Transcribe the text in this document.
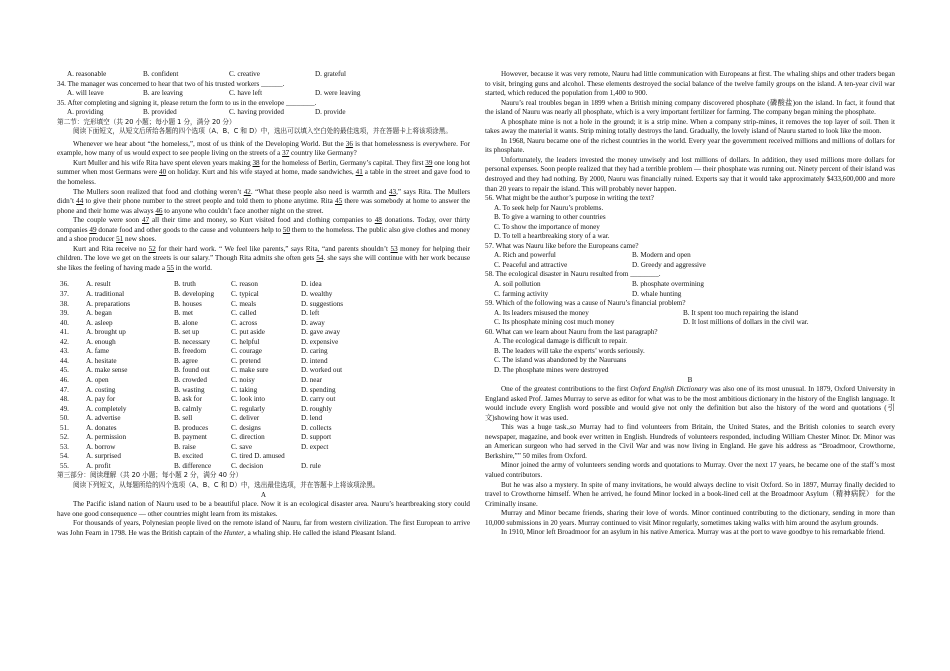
A. reasonable	B. confident	C. creative	D. grateful

34. The manager was concerned to hear that two of his trusted workers ______.

A. will leave	B. are leaving	C. have left	D. were leaving

35. After completing and signing it, please return the form to us in the envelope ________.

A. providing	B. provided	C. having provided	D. provide

第二节：完形填空（共 20 小题；每小题 1 分，满分 20 分）

阅读下面短文，从短文后所给各题的四个选项（A、B、C 和 D）中，选出可以填入空白处的最佳选项，并在答题卡上将该项涂黑。

Whenever we hear about “the homeless,”, most of us think of the Developing World. But the 36 is that homelessness is everywhere. For example, how many of us would expect to see people living on the streets of a 37 country like Germany?

Kurt Muller and his wife Rita have spent eleven years making 38 for the homeless of Berlin, Germany’s capital. They first 39 one long hot summer when most Germans were 40 on holiday. Kurt and his wife stayed at home, made sandwiches, 41 a table in the street and gave food to the homeless.

The Mullers soon realized that food and clothing weren’t 42. “What these people also need is warmth and 43,” says Rita. The Mullers didn’t 44 to give their phone number to the street people and told them to phone anytime. Rita 45 there was somebody at home to answer the phone and their home was always 46 to anyone who couldn’t face another night on the street.

The couple were soon 47 all their time and money, so Kurt visited food and clothing companies to 48 donations. Today, over thirty companies 49 donate food and other goods to the cause and volunteers help to 50 them to the homeless. The public also give clothes and money and a shoe producer 51 new shoes.

Kurt and Rita receive no 52 for their hard work. “ We feel like parents,” says Rita, “and parents shouldn’t 53 money for helping their children. The love we get on the streets is our salary.” Though Rita admits she often gets 54. she says she will continue with her work because she likes the feeling of having made a 55 in the world.

36.	A. result	B. truth	C. reason	D. idea
37.	A. traditional	B. developing	C. typical	D. wealthy
38.	A. preparations	B. houses	C. meals	D. suggestions
39.	A. began	B. met	C. called	D. left
40.	A. asleep	B. alone	C. across	D. away
41.	A. brought up	B. set up	C. put aside	D. gave away
42.	A. enough	B. necessary	C. helpful	D. expensive
43.	A. fame	B. freedom	C. courage	D. caring
44.	A. hesitate	B. agree	C. pretend	D. intend
45.	A. make sense	B. found out	C. make sure	D. worked out
46.	A. open	B. crowded	C. noisy	D. near
47.	A. costing	B. wasting	C. taking	D. spending
48.	A. pay for	B. ask for	C. look into	D. carry out
49.	A. completely	B. calmly	C. regularly	D. roughly
50.	A. advertise	B. sell	C. deliver	D. lend
51.	A. donates	B. produces	C. designs	D. collects
52.	A. permission	B. payment	C. direction	D. support
53.	A. borrow	B. raise	C. save	D. expect
54.	A. surprised	B. excited	C. tired D. amused
55.	A. profit	B. difference	C. decision	D. rule

第三部分：阅读理解（共 20 小题；每小题 2 分，满分 40 分）

阅读下列短文，从每题所给的四个选项（A、B、C 和 D）中，选出最佳选项，并在答题卡上将该项涂黑。

A

The Pacific island nation of Nauru used to be a beautiful place. Now it is an ecological disaster area. Nauru’s heartbreaking story could have one good consequence — other countries might learn from its mistakes.

For thousands of years, Polynesian people lived on the remote island of Nauru, far from western civilization. The first European to arrive was John Fearn in 1798. He was the British captain of the Hunter, a whaling ship. He called the island Pleasant Island.

However, because it was very remote, Nauru had little communication with Europeans at first. The whaling ships and other traders began to visit, bringing guns and alcohol. These elements destroyed the social balance of the twelve family groups on the island. A ten-year civil war started, which reduced the population from 1,400 to 900.

Nauru’s real troubles began in 1899 when a British mining company discovered phosphate (磷酸盐)on the island. In fact, it found that the island of Nauru was nearly all phosphate, which is a very important fertilizer for farming. The company began mining the phosphate.

A phosphate mine is not a hole in the ground; it is a strip mine. When a company strip-mines, it removes the top layer of soil. Then it takes away the material it wants. Strip mining totally destroys the land. Gradually, the lovely island of Nauru started to look like the moon.

In 1968, Nauru became one of the richest countries in the world. Every year the government received millions and millions of dollars for its phosphate.

Unfortunately, the leaders invested the money unwisely and lost millions of dollars. In addition, they used millions more dollars for personal expenses. Soon people realized that they had a terrible problem — their phosphate was running out. Ninety percent of their island was destroyed and they had nothing. By 2000, Nauru was financially ruined. Experts say that it would take approximately $433,600,000 and more than 20 years to repair the island. This will probably never happen.

56. What might be the author’s purpose in writing the text?

A. To seek help for Nauru’s problems.

B. To give a warning to other countries

C. To show the importance of money

D. To tell a heartbreaking story of a war.

57. What was Nauru like before the Europeans came?

A. Rich and powerful	B. Modern and open
C. Peaceful and attractive	D. Greedy and aggressive

58. The ecological disaster in Nauru resulted from ________.

A. soil pollution	B. phosphate overmining
C. farming activity	D. whale hunting

59. Which of the following was a cause of Nauru’s financial problem?

A. Its leaders misused the money	B. It spent too much repairing the island
C. Its phosphate mining cost much money	D. It lost millions of dollars in the civil war.

60. What can we learn about Nauru from the last paragraph?

A. The ecological damage is difficult to repair.

B. The leaders will take the experts’ words seriously.

C. The island was abandoned by the Nauruans

D. The phosphate mines were destroyed

B

One of the greatest contributions to the first Oxford English Dictionary was also one of its most unusual. In 1879, Oxford University in England asked Prof. James Murray to serve as editor for what was to be the most ambitious dictionary in the history of the English language. It would include every English word possible and would give not only the definition but also the history of the word and quotations (引文)showing how it was used.

This was a huge task.,so Murray had to find volunteers from Britain, the United States, and the British colonies to search every newspaper, magazine, and book ever written in English. Hundreds of volunteers responded, including William Chester Minor. Dr. Minor was an American surgeon who had served in the Civil War and was now living in England. He gave his address as “Broadmoor, Crowthorne, Berkshire,”” 50 miles from Oxford.

Minor joined the army of volunteers sending words and quotations to Murray. Over the next 17 years, he became one of the staff’s most valued contributors.

But he was also a mystery. In spite of many invitations, he would always decline to visit Oxford. So in 1897, Murray finally decided to travel to Crowthorne himself. When he arrived, he found Minor locked in a book-lined cell at the Broadmoor Asylum（精神病院） for the Criminally insane.

Murray and Minor became friends, sharing their love of words. Minor continued contributing to the dictionary, sending in more than 10,000 submissions in 20 years. Murray continued to visit Minor regularly, sometimes taking walks with him around the asylum grounds.

In 1910, Minor left Broadmoor for an asylum in his native America. Murray was at the port to wave goodbye to his remarkable friend.
